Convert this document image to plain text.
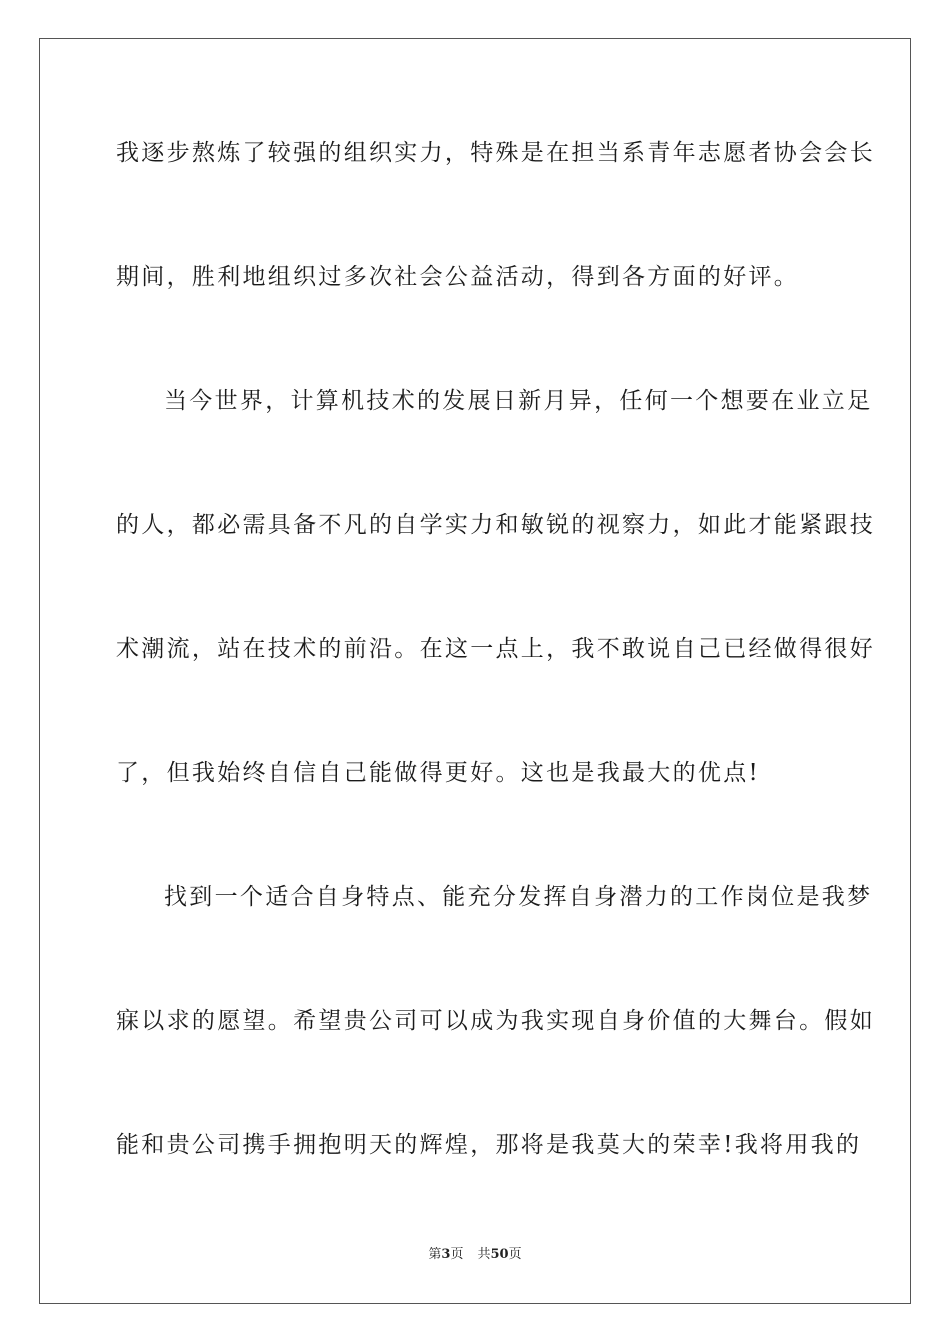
我逐步熬炼了较强的组织实力，特殊是在担当系青年志愿者协会会长
期间，胜利地组织过多次社会公益活动，得到各方面的好评。
当今世界，计算机技术的发展日新月异，任何一个想要在业立足
的人，都必需具备不凡的自学实力和敏锐的视察力，如此才能紧跟技
术潮流，站在技术的前沿。在这一点上，我不敢说自己已经做得很好
了，但我始终自信自己能做得更好。这也是我最大的优点!
找到一个适合自身特点、能充分发挥自身潜力的工作岗位是我梦
寐以求的愿望。希望贵公司可以成为我实现自身价值的大舞台。假如
能和贵公司携手拥抱明天的辉煌，那将是我莫大的荣幸!我将用我的
第3页 共50页
